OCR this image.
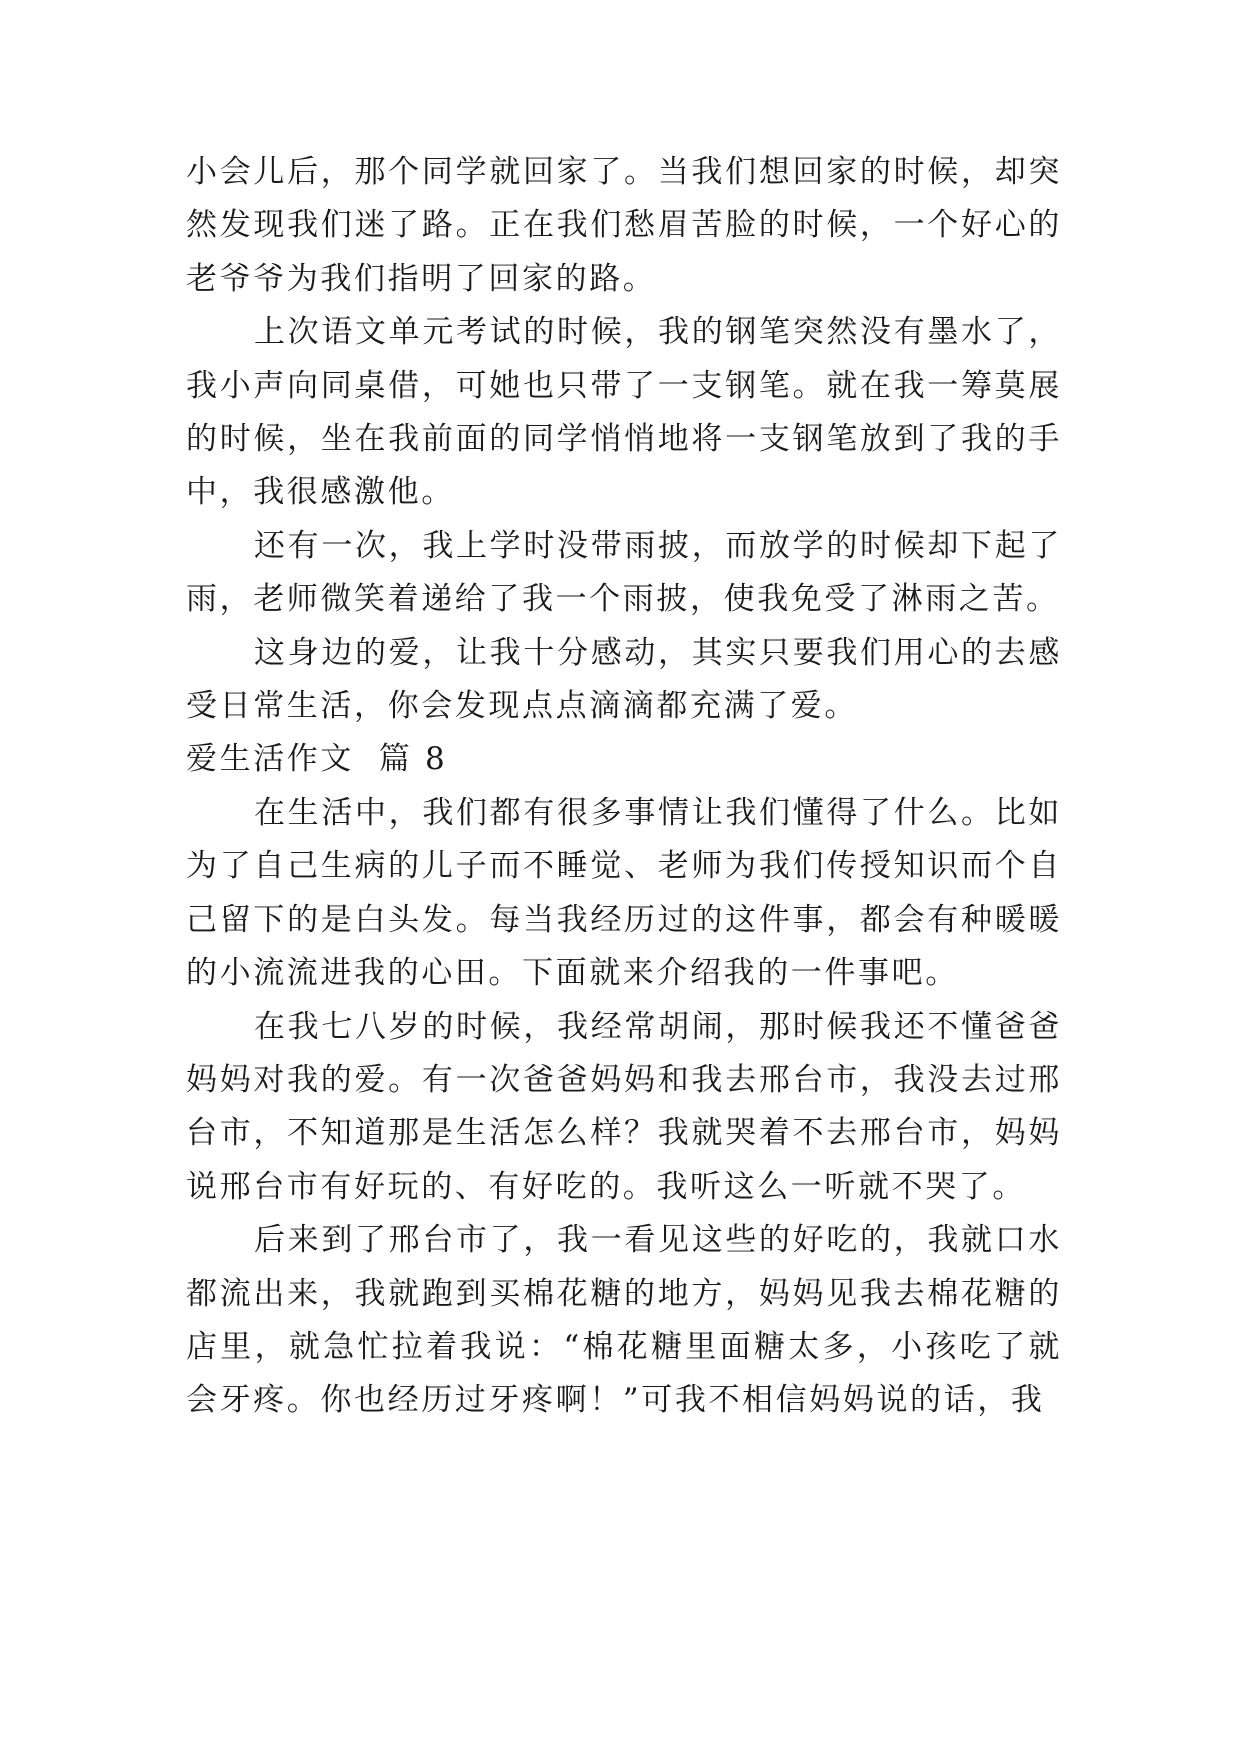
小会儿后，那个同学就回家了。当我们想回家的时候，却突然发现我们迷了路。正在我们愁眉苦脸的时候，一个好心的老爷爷为我们指明了回家的路。

上次语文单元考试的时候，我的钢笔突然没有墨水了，我小声向同桌借，可她也只带了一支钢笔。就在我一筹莫展的时候，坐在我前面的同学悄悄地将一支钢笔放到了我的手中，我很感激他。

还有一次，我上学时没带雨披，而放学的时候却下起了雨，老师微笑着递给了我一个雨披，使我免受了淋雨之苦。

这身边的爱，让我十分感动，其实只要我们用心的去感受日常生活，你会发现点点滴滴都充满了爱。

爱生活作文  篇 8

在生活中，我们都有很多事情让我们懂得了什么。比如为了自己生病的儿子而不睡觉、老师为我们传授知识而个自己留下的是白头发。每当我经历过的这件事，都会有种暖暖的小流流进我的心田。下面就来介绍我的一件事吧。

在我七八岁的时候，我经常胡闹，那时候我还不懂爸爸妈妈对我的爱。有一次爸爸妈妈和我去邢台市，我没去过邢台市，不知道那是生活怎么样？我就哭着不去邢台市，妈妈说邢台市有好玩的、有好吃的。我听这么一听就不哭了。

后来到了邢台市了，我一看见这些的好吃的，我就口水都流出来，我就跑到买棉花糖的地方，妈妈见我去棉花糖的店里，就急忙拉着我说：“棉花糖里面糖太多，小孩吃了就会牙疼。你也经历过牙疼啊！”可我不相信妈妈说的话，我
